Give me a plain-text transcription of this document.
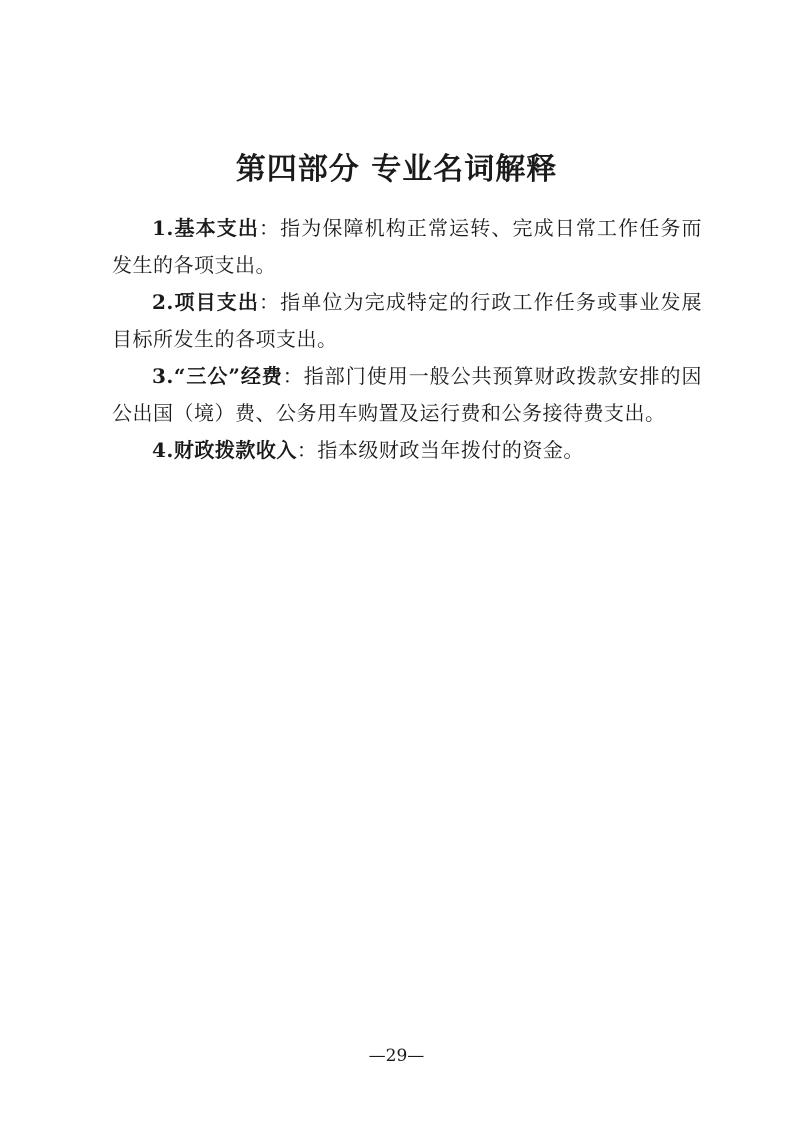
第四部分 专业名词解释

1.基本支出：指为保障机构正常运转、完成日常工作任务而发生的各项支出。

2.项目支出：指单位为完成特定的行政工作任务或事业发展目标所发生的各项支出。

3.“三公”经费：指部门使用一般公共预算财政拨款安排的因公出国（境）费、公务用车购置及运行费和公务接待费支出。

4.财政拨款收入：指本级财政当年拨付的资金。

—29—
